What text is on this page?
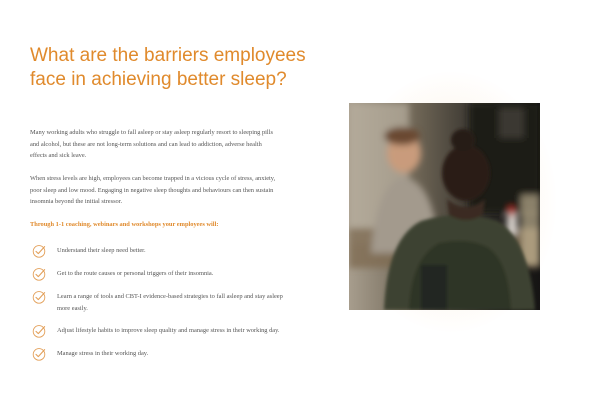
What are the barriers employees face in achieving better sleep?

Many working adults who struggle to fall asleep or stay asleep regularly resort to sleeping pills and alcohol, but these are not long-term solutions and can lead to addiction, adverse health effects and sick leave.

When stress levels are high, employees can become trapped in a vicious cycle of stress, anxiety, poor sleep and low mood. Engaging in negative sleep thoughts and behaviours can then sustain insomnia beyond the initial stressor.

Through 1-1 coaching, webinars and workshops your employees will:

Understand their sleep need better.
Get to the route causes or personal triggers of their insomnia.
Learn a range of tools and CBT-I evidence-based strategies to fall asleep and stay asleep more easily.
Adjust lifestyle habits to improve sleep quality and manage stress in their working day.
Manage stress in their working day.
